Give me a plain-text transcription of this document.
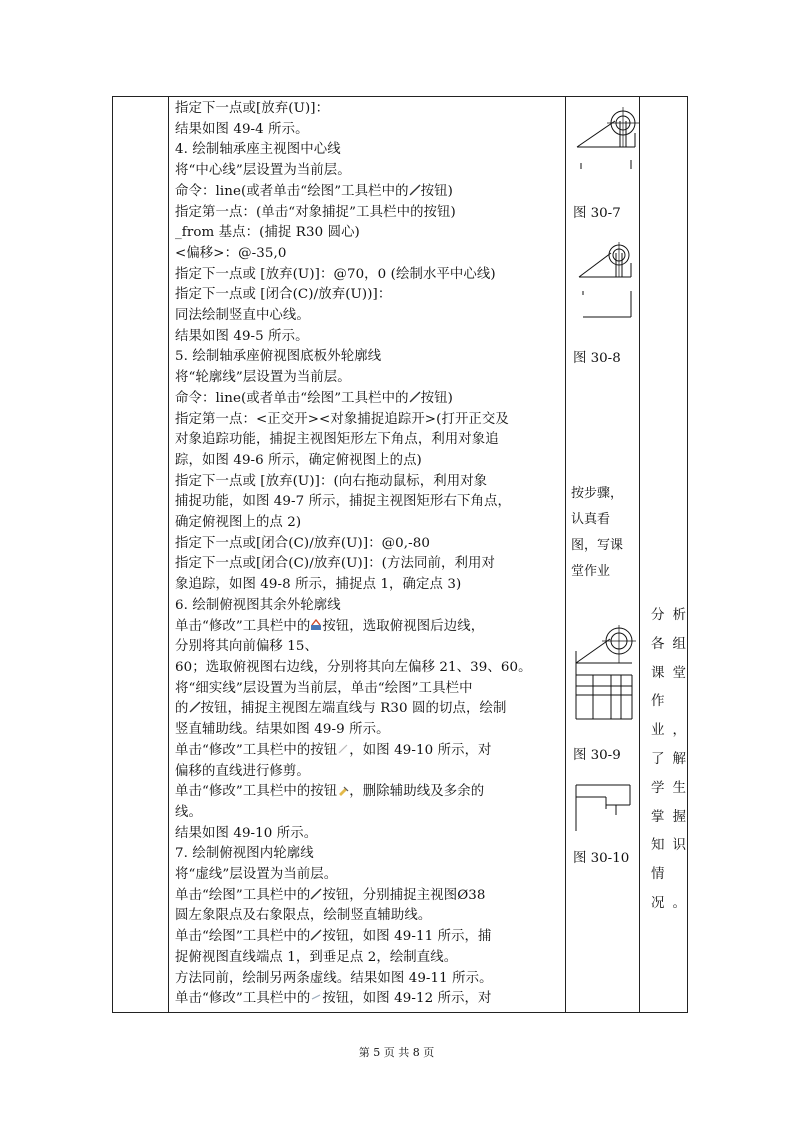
指定下一点或[放弃(U)]：
结果如图 49-4 所示。
4. 绘制轴承座主视图中心线
将“中心线”层设置为当前层。
命令：line(或者单击“绘图”工具栏中的 按钮)
指定第一点：(单击“对象捕捉”工具栏中的按钮)
_from 基点：(捕捉 R30 圆心)
<偏移>：@-35,0
指定下一点或 [放弃(U)]：@70，0 (绘制水平中心线)
指定下一点或 [闭合(C)/放弃(U))]：
同法绘制竖直中心线。
结果如图 49-5 所示。
5. 绘制轴承座俯视图底板外轮廓线
将“轮廓线”层设置为当前层。
命令：line(或者单击“绘图”工具栏中的 按钮)
指定第一点：<正交开><对象捕捉追踪开>(打开正交及
对象追踪功能，捕捉主视图矩形左下角点，利用对象追
踪，如图 49-6 所示，确定俯视图上的点)
指定下一点或 [放弃(U)]：(向右拖动鼠标，利用对象
捕捉功能，如图 49-7 所示，捕捉主视图矩形右下角点，
确定俯视图上的点 2)
指定下一点或[闭合(C)/放弃(U)]：@0,-80
指定下一点或[闭合(C)/放弃(U)]：(方法同前，利用对
象追踪，如图 49-8 所示，捕捉点 1，确定点 3)
6. 绘制俯视图其余外轮廓线
单击“修改”工具栏中的 按钮，选取俯视图后边线，
分别将其向前偏移 15、
60；选取俯视图右边线，分别将其向左偏移 21、39、60。
将“细实线”层设置为当前层，单击“绘图”工具栏中
的 按钮，捕捉主视图左端直线与 R30 圆的切点，绘制
竖直辅助线。结果如图 49-9 所示。
单击“修改”工具栏中的按钮 ，如图 49-10 所示，对
偏移的直线进行修剪。
单击“修改”工具栏中的按钮 ，删除辅助线及多余的
线。
结果如图 49-10 所示。
7. 绘制俯视图内轮廓线
将“虚线”层设置为当前层。
单击“绘图”工具栏中的 按钮，分别捕捉主视图Ø38
圆左象限点及右象限点，绘制竖直辅助线。
单击“绘图”工具栏中的 按钮，如图 49-11 所示，捕
捉俯视图直线端点 1，到垂足点 2，绘制直线。
方法同前，绘制另两条虚线。结果如图 49-11 所示。
单击“修改”工具栏中的 按钮，如图 49-12 所示，对
图 30-7
图 30-8
按步骤，
认真看
图，写课
堂作业
图 30-9
图 30-10
分析
各组
课堂
作
业，
了解
学生
掌握
知识
情
况。
第 5 页 共 8 页
